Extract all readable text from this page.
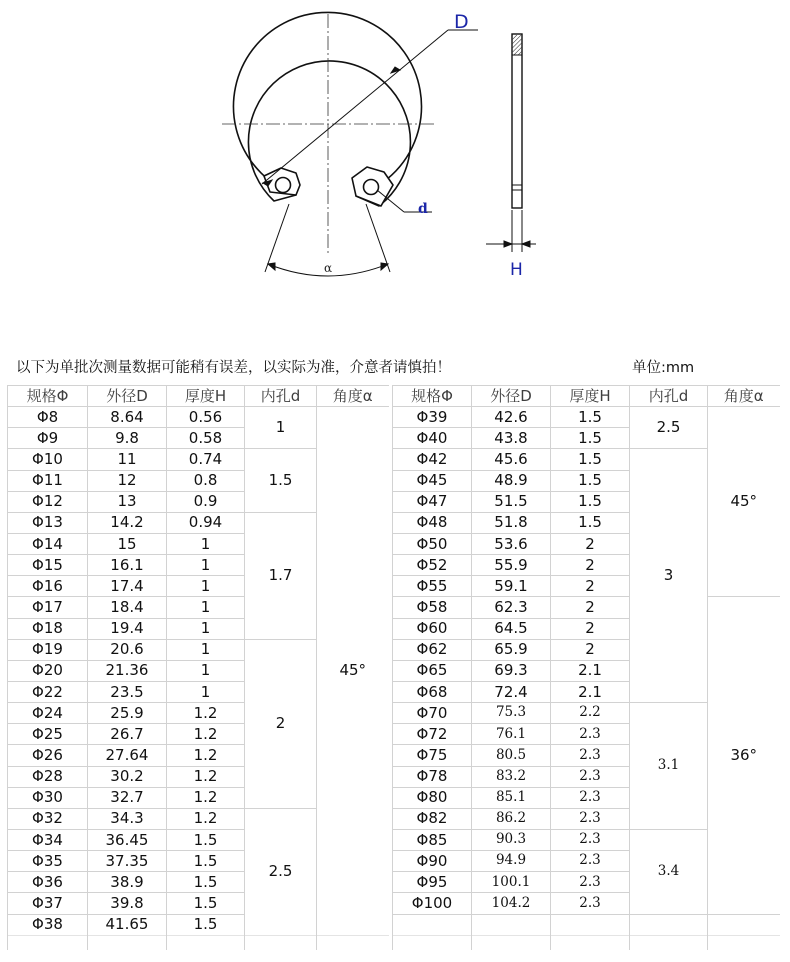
D
d
α	H
以下为单批次测量数据可能稍有误差，以实际为准，介意者请慎拍！	单位:mm
规格Φ	外径D	厚度H	内孔d	角度α
Φ8	8.64	0.56	1	45°
Φ9	9.8	0.58		
Φ10	11	0.74	1.5	
Φ11	12	0.8		
Φ12	13	0.9		
Φ13	14.2	0.94	1.7	
Φ14	15	1		
Φ15	16.1	1		
Φ16	17.4	1		
Φ17	18.4	1		
Φ18	19.4	1		
Φ19	20.6	1	2	
Φ20	21.36	1		
Φ22	23.5	1		
Φ24	25.9	1.2		
Φ25	26.7	1.2		
Φ26	27.64	1.2		
Φ28	30.2	1.2		
Φ30	32.7	1.2		
Φ32	34.3	1.2	2.5	
Φ34	36.45	1.5		
Φ35	37.35	1.5		
Φ36	38.9	1.5		
Φ37	39.8	1.5		
Φ38	41.65	1.5		

规格Φ	外径D	厚度H	内孔d	角度α
Φ39	42.6	1.5	2.5	45°
Φ40	43.8	1.5		
Φ42	45.6	1.5	3	
Φ45	48.9	1.5		
Φ47	51.5	1.5		
Φ48	51.8	1.5		
Φ50	53.6	2		
Φ52	55.9	2		
Φ55	59.1	2		
Φ58	62.3	2		36°
Φ60	64.5	2		
Φ62	65.9	2		
Φ65	69.3	2.1		
Φ68	72.4	2.1		
Φ70	75.3	2.2	3.1	
Φ72	76.1	2.3		
Φ75	80.5	2.3		
Φ78	83.2	2.3		
Φ80	85.1	2.3		
Φ82	86.2	2.3		
Φ85	90.3	2.3	3.4	
Φ90	94.9	2.3		
Φ95	100.1	2.3		
Φ100	104.2	2.3		
